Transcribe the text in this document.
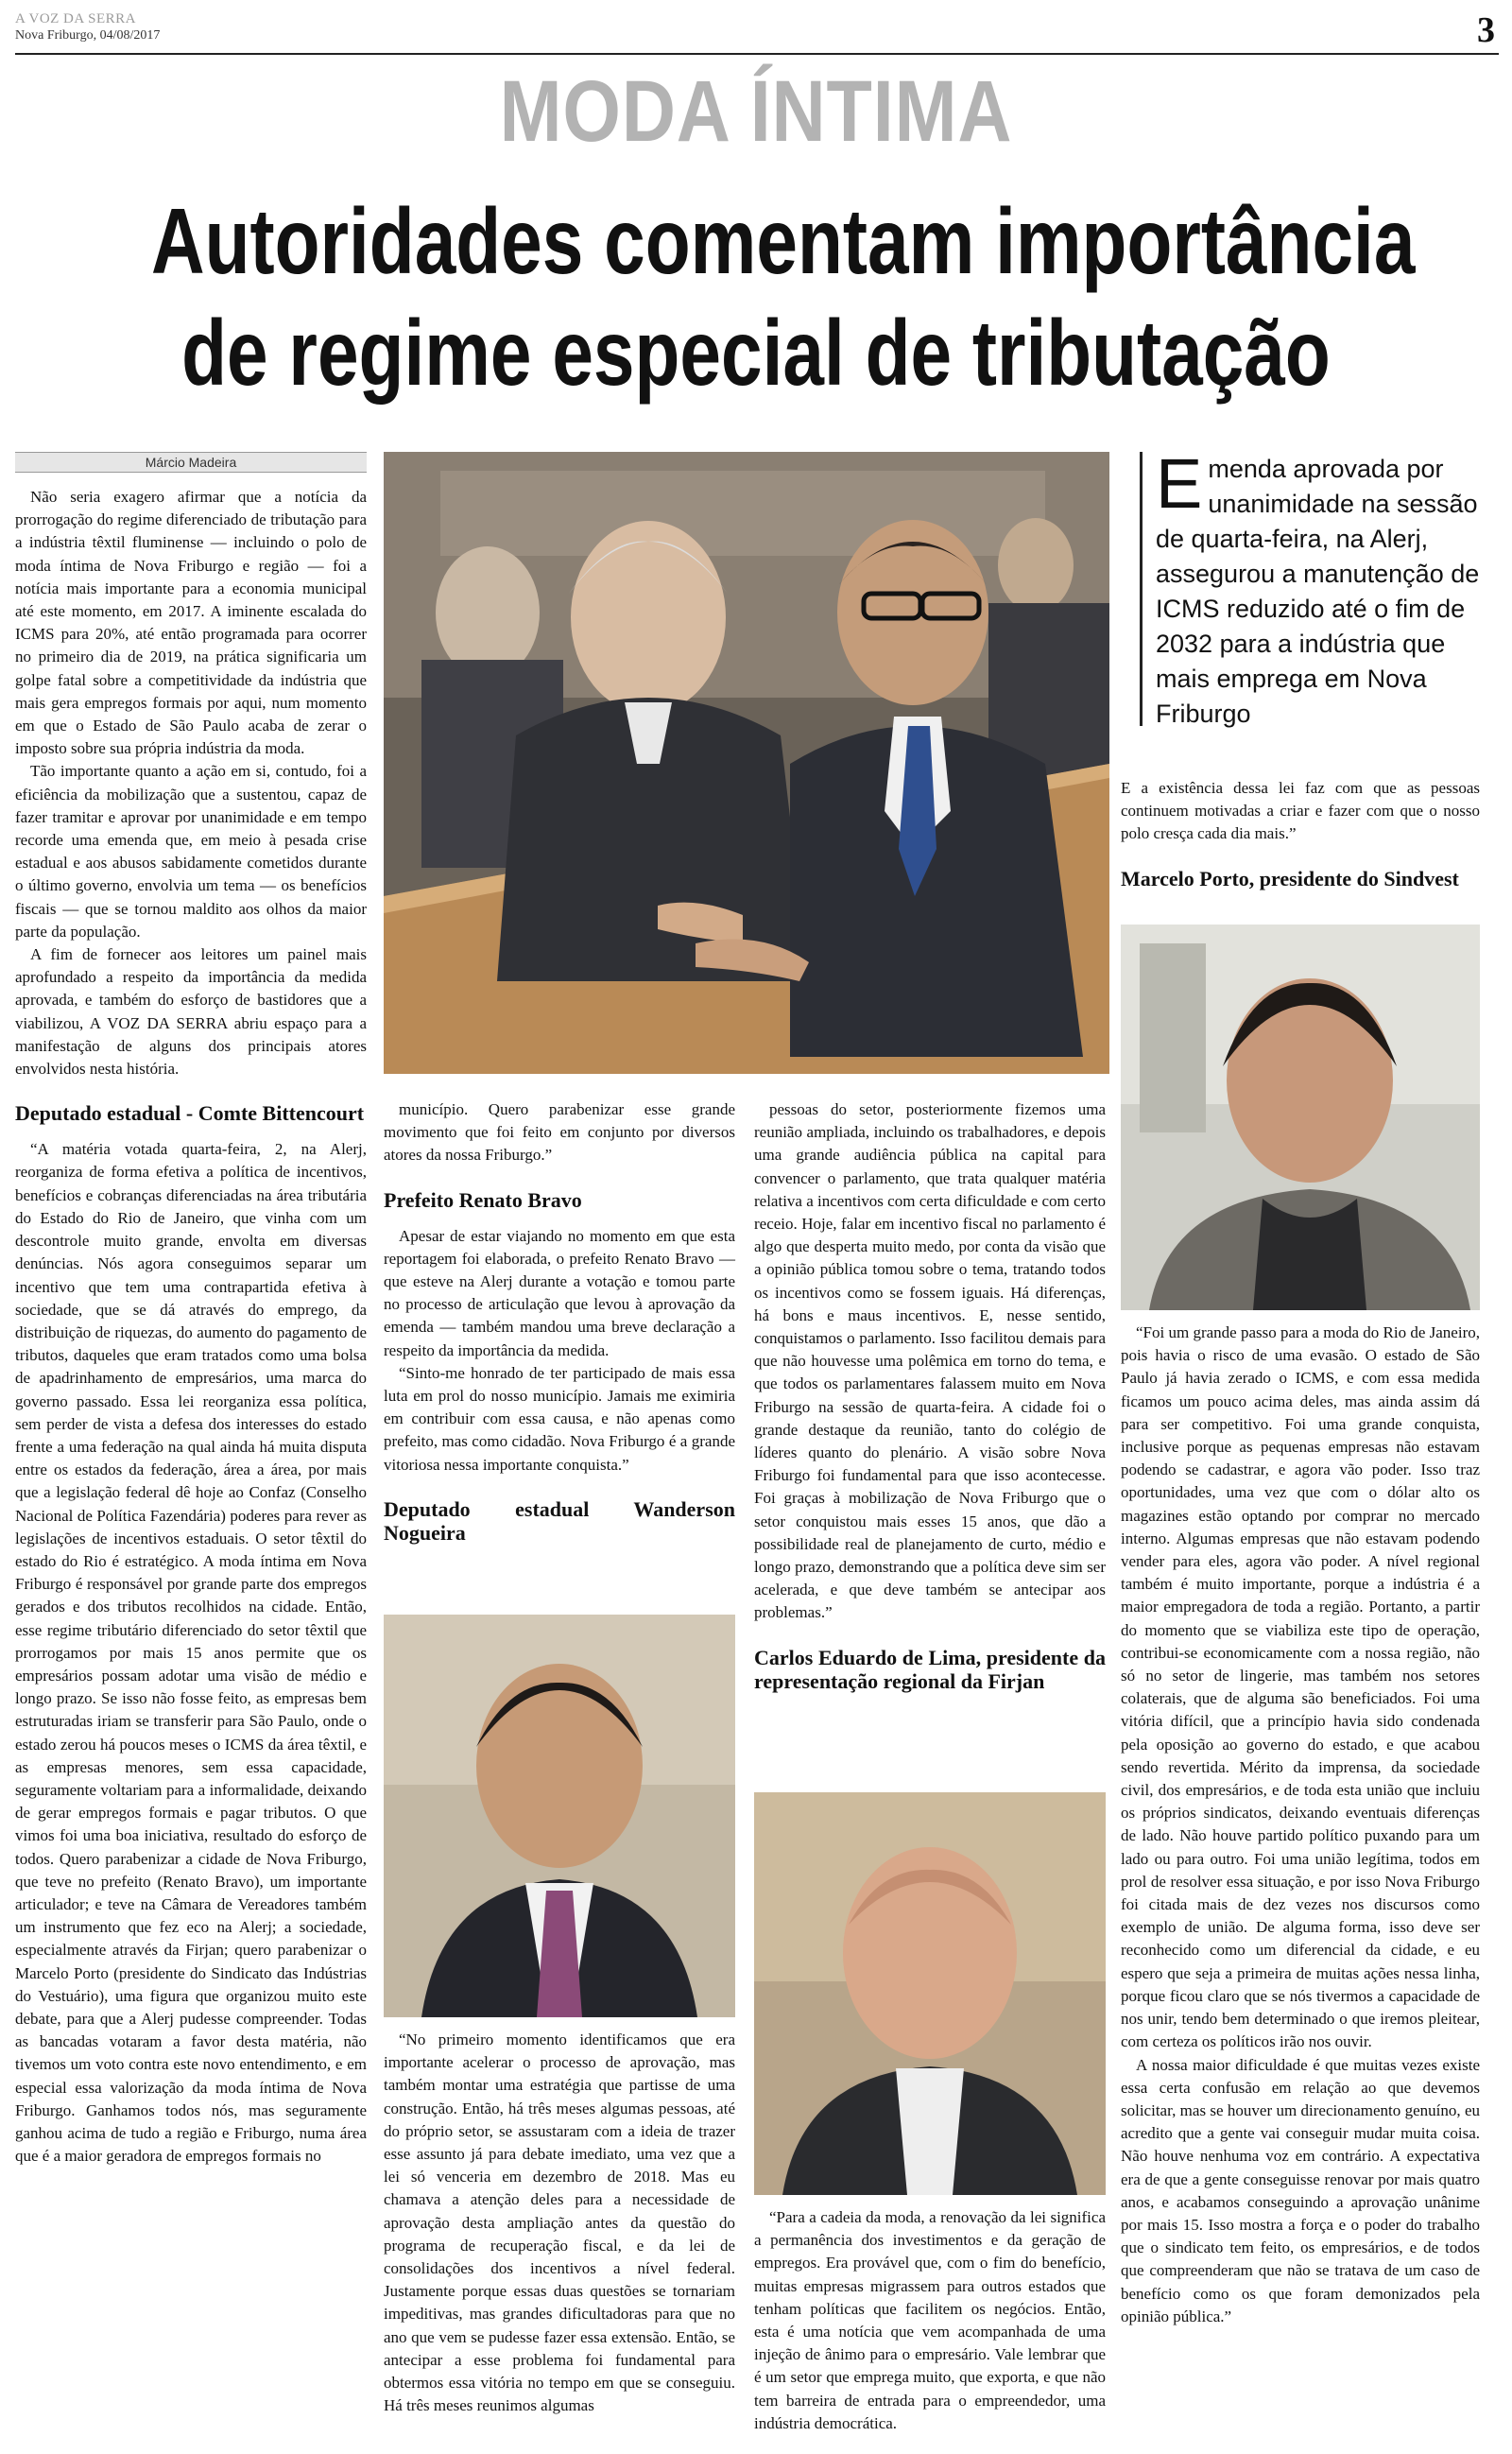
A VOZ DA SERRA
Nova Friburgo, 04/08/2017	3
MODA ÍNTIMA
Autoridades comentam importância
de regime especial de tributação
Márcio Madeira

Não seria exagero afirmar que a notícia da prorrogação do regime diferenciado de tributação para a indústria têxtil fluminense — incluindo o polo de moda íntima de Nova Friburgo e região — foi a notícia mais importante para a economia municipal até este momento, em 2017. A iminente escalada do ICMS para 20%, até então programada para ocorrer no primeiro dia de 2019, na prática significaria um golpe fatal sobre a competitividade da indústria que mais gera empregos formais por aqui, num momento em que o Estado de São Paulo acaba de zerar o imposto sobre sua própria indústria da moda.

Tão importante quanto a ação em si, contudo, foi a eficiência da mobilização que a sustentou, capaz de fazer tramitar e aprovar por unanimidade e em tempo recorde uma emenda que, em meio à pesada crise estadual e aos abusos sabidamente cometidos durante o último governo, envolvia um tema — os benefícios fiscais — que se tornou maldito aos olhos da maior parte da população.

A fim de fornecer aos leitores um painel mais aprofundado a respeito da importância da medida aprovada, e também do esforço de bastidores que a viabilizou, A VOZ DA SERRA abriu espaço para a manifestação de alguns dos principais atores envolvidos nesta história.

Deputado estadual - Comte Bittencourt

“A matéria votada quarta-feira, 2, na Alerj, reorganiza de forma efetiva a política de incentivos, benefícios e cobranças diferenciadas na área tributária do Estado do Rio de Janeiro, que vinha com um descontrole muito grande, envolta em diversas denúncias. Nós agora conseguimos separar um incentivo que tem uma contrapartida efetiva à sociedade, que se dá através do emprego, da distribuição de riquezas, do aumento do pagamento de tributos, daqueles que eram tratados como uma bolsa de apadrinhamento de empresários, uma marca do governo passado. Essa lei reorganiza essa política, sem perder de vista a defesa dos interesses do estado frente a uma federação na qual ainda há muita disputa entre os estados da federação, área a área, por mais que a legislação federal dê hoje ao Confaz (Conselho Nacional de Política Fazendária) poderes para rever as legislações de incentivos estaduais. O setor têxtil do estado do Rio é estratégico. A moda íntima em Nova Friburgo é responsável por grande parte dos empregos gerados e dos tributos recolhidos na cidade. Então, esse regime tributário diferenciado do setor têxtil que prorrogamos por mais 15 anos permite que os empresários possam adotar uma visão de médio e longo prazo. Se isso não fosse feito, as empresas bem estruturadas iriam se transferir para São Paulo, onde o estado zerou há poucos meses o ICMS da área têxtil, e as empresas menores, sem essa capacidade, seguramente voltariam para a informalidade, deixando de gerar empregos formais e pagar tributos. O que vimos foi uma boa iniciativa, resultado do esforço de todos. Quero parabenizar a cidade de Nova Friburgo, que teve no prefeito (Renato Bravo), um importante articulador; e teve na Câmara de Vereadores também um instrumento que fez eco na Alerj; a sociedade, especialmente através da Firjan; quero parabenizar o Marcelo Porto (presidente do Sindicato das Indústrias do Vestuário), uma figura que organizou muito este debate, para que a Alerj pudesse compreender. Todas as bancadas votaram a favor desta matéria, não tivemos um voto contra este novo entendimento, e em especial essa valorização da moda íntima de Nova Friburgo. Ganhamos todos nós, mas seguramente ganhou acima de tudo a região e Friburgo, numa área que é a maior geradora de empregos formais no

município. Quero parabenizar esse grande movimento que foi feito em conjunto por diversos atores da nossa Friburgo.”

Prefeito Renato Bravo

Apesar de estar viajando no momento em que esta reportagem foi elaborada, o prefeito Renato Bravo — que esteve na Alerj durante a votação e tomou parte no processo de articulação que levou à aprovação da emenda — também mandou uma breve declaração a respeito da importância da medida.

“Sinto-me honrado de ter participado de mais essa luta em prol do nosso município. Jamais me eximiria em contribuir com essa causa, e não apenas como prefeito, mas como cidadão. Nova Friburgo é a grande vitoriosa nessa importante conquista.”

Deputado estadual Wanderson Nogueira

“No primeiro momento identificamos que era importante acelerar o processo de aprovação, mas também montar uma estratégia que partisse de uma construção. Então, há três meses algumas pessoas, até do próprio setor, se assustaram com a ideia de trazer esse assunto já para debate imediato, uma vez que a lei só venceria em dezembro de 2018. Mas eu chamava a atenção deles para a necessidade de aprovação desta ampliação antes da questão do programa de recuperação fiscal, e da lei de consolidações dos incentivos a nível federal. Justamente porque essas duas questões se tornariam impeditivas, mas grandes dificultadoras para que no ano que vem se pudesse fazer essa extensão. Então, se antecipar a esse problema foi fundamental para obtermos essa vitória no tempo em que se conseguiu. Há três meses reunimos algumas

pessoas do setor, posteriormente fizemos uma reunião ampliada, incluindo os trabalhadores, e depois uma grande audiência pública na capital para convencer o parlamento, que trata qualquer matéria relativa a incentivos com certa dificuldade e com certo receio. Hoje, falar em incentivo fiscal no parlamento é algo que desperta muito medo, por conta da visão que a opinião pública tomou sobre o tema, tratando todos os incentivos como se fossem iguais. Há diferenças, há bons e maus incentivos. E, nesse sentido, conquistamos o parlamento. Isso facilitou demais para que não houvesse uma polêmica em torno do tema, e que todos os parlamentares falassem muito em Nova Friburgo na sessão de quarta-feira. A cidade foi o grande destaque da reunião, tanto do colégio de líderes quanto do plenário. A visão sobre Nova Friburgo foi fundamental para que isso acontecesse. Foi graças à mobilização de Nova Friburgo que o setor conquistou mais esses 15 anos, que dão a possibilidade real de planejamento de curto, médio e longo prazo, demonstrando que a política deve sim ser acelerada, e que deve também se antecipar aos problemas.”

Carlos Eduardo de Lima, presidente da representação regional da Firjan

“Para a cadeia da moda, a renovação da lei significa a permanência dos investimentos e da geração de empregos. Era provável que, com o fim do benefício, muitas empresas migrassem para outros estados que tenham políticas que facilitem os negócios. Então, esta é uma notícia que vem acompanhada de uma injeção de ânimo para o empresário. Vale lembrar que é um setor que emprega muito, que exporta, e que não tem barreira de entrada para o empreendedor, uma indústria democrática.

Emenda aprovada por unanimidade na sessão de quarta-feira, na Alerj, assegurou a manutenção de ICMS reduzido até o fim de 2032 para a indústria que mais emprega em Nova Friburgo

E a existência dessa lei faz com que as pessoas continuem motivadas a criar e fazer com que o nosso polo cresça cada dia mais.”

Marcelo Porto, presidente do Sindvest

“Foi um grande passo para a moda do Rio de Janeiro, pois havia o risco de uma evasão. O estado de São Paulo já havia zerado o ICMS, e com essa medida ficamos um pouco acima deles, mas ainda assim dá para ser competitivo. Foi uma grande conquista, inclusive porque as pequenas empresas não estavam podendo se cadastrar, e agora vão poder. Isso traz oportunidades, uma vez que com o dólar alto os magazines estão optando por comprar no mercado interno. Algumas empresas que não estavam podendo vender para eles, agora vão poder. A nível regional também é muito importante, porque a indústria é a maior empregadora de toda a região. Portanto, a partir do momento que se viabiliza este tipo de operação, contribui-se economicamente com a nossa região, não só no setor de lingerie, mas também nos setores colaterais, que de alguma são beneficiados. Foi uma vitória difícil, que a princípio havia sido condenada pela oposição ao governo do estado, e que acabou sendo revertida. Mérito da imprensa, da sociedade civil, dos empresários, e de toda esta união que incluiu os próprios sindicatos, deixando eventuais diferenças de lado. Não houve partido político puxando para um lado ou para outro. Foi uma união legítima, todos em prol de resolver essa situação, e por isso Nova Friburgo foi citada mais de dez vezes nos discursos como exemplo de união. De alguma forma, isso deve ser reconhecido como um diferencial da cidade, e eu espero que seja a primeira de muitas ações nessa linha, porque ficou claro que se nós tivermos a capacidade de nos unir, tendo bem determinado o que iremos pleitear, com certeza os políticos irão nos ouvir.

A nossa maior dificuldade é que muitas vezes existe essa certa confusão em relação ao que devemos solicitar, mas se houver um direcionamento genuíno, eu acredito que a gente vai conseguir mudar muita coisa. Não houve nenhuma voz em contrário. A expectativa era de que a gente conseguisse renovar por mais quatro anos, e acabamos conseguindo a aprovação unânime por mais 15. Isso mostra a força e o poder do trabalho que o sindicato tem feito, os empresários, e de todos que compreenderam que não se tratava de um caso de benefício como os que foram demonizados pela opinião pública.”
